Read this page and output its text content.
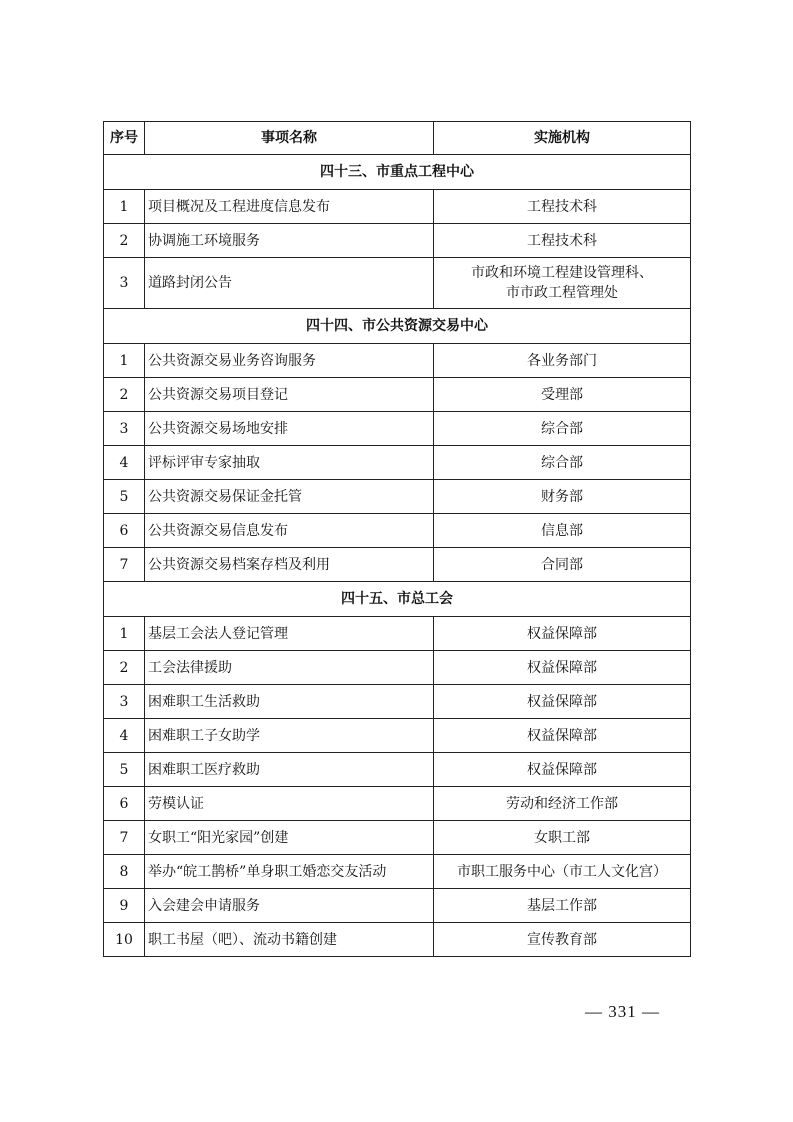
序号	事项名称	实施机构
四十三、市重点工程中心		
1	项目概况及工程进度信息发布	工程技术科
2	协调施工环境服务	工程技术科
3	道路封闭公告	市政和环境工程建设管理科、
市市政工程管理处
四十四、市公共资源交易中心		
1	公共资源交易业务咨询服务	各业务部门
2	公共资源交易项目登记	受理部
3	公共资源交易场地安排	综合部
4	评标评审专家抽取	综合部
5	公共资源交易保证金托管	财务部
6	公共资源交易信息发布	信息部
7	公共资源交易档案存档及利用	合同部
四十五、市总工会		
1	基层工会法人登记管理	权益保障部
2	工会法律援助	权益保障部
3	困难职工生活救助	权益保障部
4	困难职工子女助学	权益保障部
5	困难职工医疗救助	权益保障部
6	劳模认证	劳动和经济工作部
7	女职工“阳光家园”创建	女职工部
8	举办“皖工鹊桥”单身职工婚恋交友活动	市职工服务中心（市工人文化宫）
9	入会建会申请服务	基层工作部
10	职工书屋（吧）、流动书籍创建	宣传教育部
— 331 —
